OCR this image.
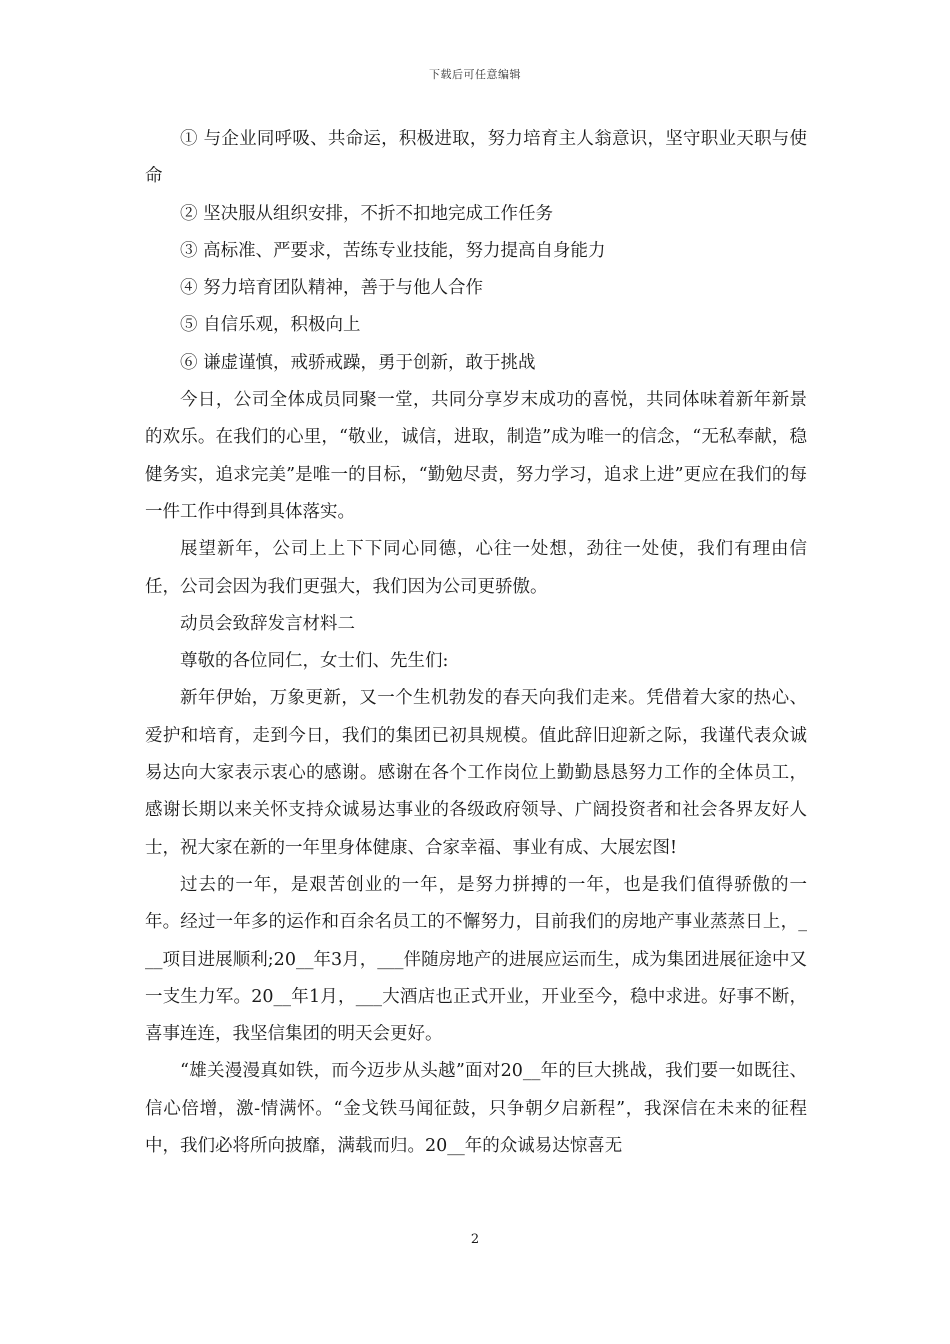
下载后可任意编辑

① 与企业同呼吸、共命运，积极进取，努力培育主人翁意识，坚守职业天职与使命

② 坚决服从组织安排，不折不扣地完成工作任务

③ 高标准、严要求，苦练专业技能，努力提高自身能力

④ 努力培育团队精神，善于与他人合作

⑤ 自信乐观，积极向上

⑥ 谦虚谨慎，戒骄戒躁，勇于创新，敢于挑战

今日，公司全体成员同聚一堂，共同分享岁末成功的喜悦，共同体味着新年新景的欢乐。在我们的心里，“敬业，诚信，进取，制造”成为唯一的信念，“无私奉献，稳健务实，追求完美”是唯一的目标，“勤勉尽责，努力学习，追求上进”更应在我们的每一件工作中得到具体落实。

展望新年，公司上上下下同心同德，心往一处想，劲往一处使，我们有理由信任，公司会因为我们更强大，我们因为公司更骄傲。

动员会致辞发言材料二

尊敬的各位同仁，女士们、先生们:

新年伊始，万象更新，又一个生机勃发的春天向我们走来。凭借着大家的热心、爱护和培育，走到今日，我们的集团已初具规模。值此辞旧迎新之际，我谨代表众诚易达向大家表示衷心的感谢。感谢在各个工作岗位上勤勤恳恳努力工作的全体员工，感谢长期以来关怀支持众诚易达事业的各级政府领导、广阔投资者和社会各界友好人士，祝大家在新的一年里身体健康、合家幸福、事业有成、大展宏图!

过去的一年，是艰苦创业的一年，是努力拼搏的一年，也是我们值得骄傲的一年。经过一年多的运作和百余名员工的不懈努力，目前我们的房地产事业蒸蒸日上，___项目进展顺利;20__年3月，___伴随房地产的进展应运而生，成为集团进展征途中又一支生力军。20__年1月，___大酒店也正式开业，开业至今，稳中求进。好事不断，喜事连连，我坚信集团的明天会更好。

“雄关漫漫真如铁，而今迈步从头越”面对20__年的巨大挑战，我们要一如既往、信心倍增，激-情满怀。“金戈铁马闻征鼓，只争朝夕启新程”，我深信在未来的征程中，我们必将所向披靡，满载而归。20__年的众诚易达惊喜无

2
